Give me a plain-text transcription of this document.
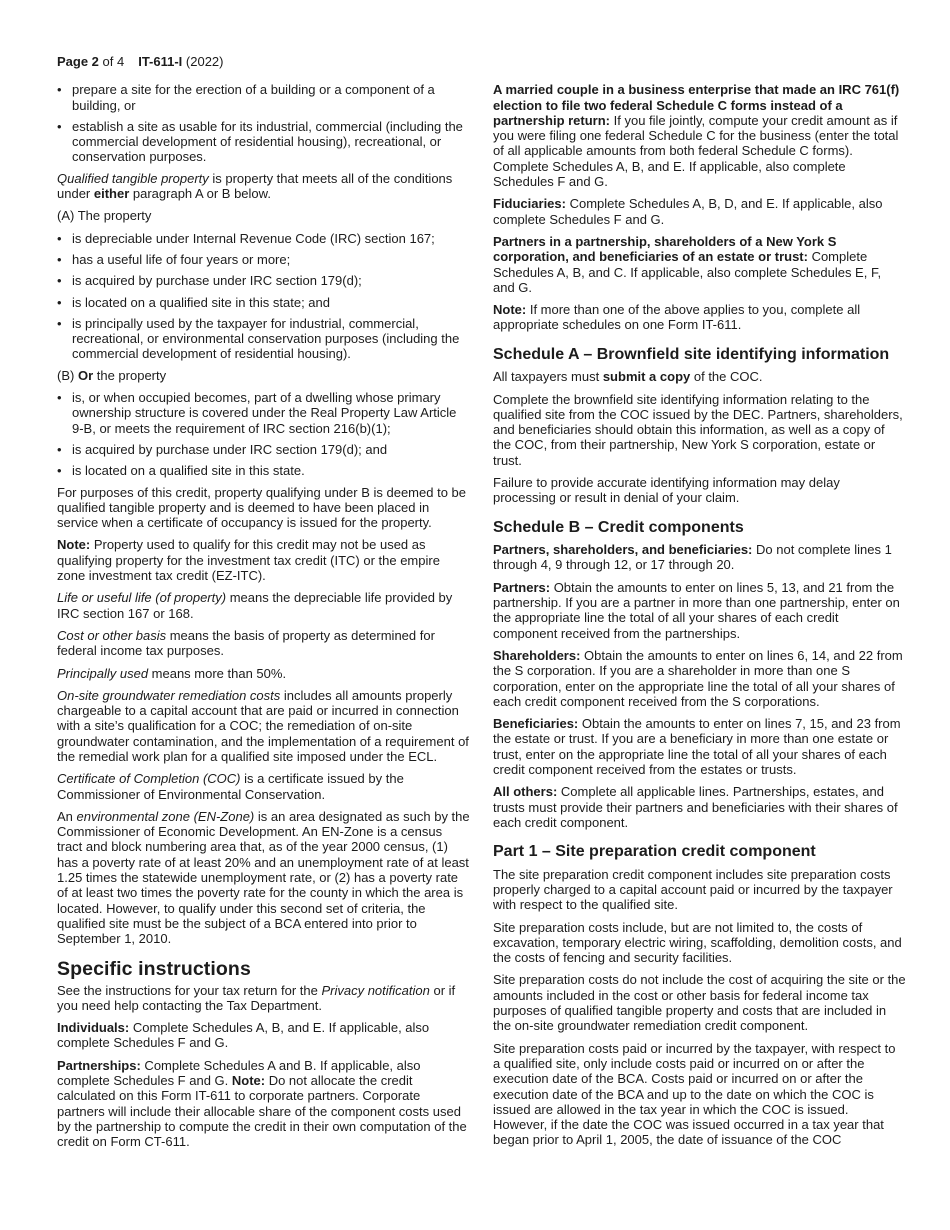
Page 2 of 4 IT-611-I (2022)
• prepare a site for the erection of a building or a component of a building, or
• establish a site as usable for its industrial, commercial (including the commercial development of residential housing), recreational, or conservation purposes.

Qualified tangible property is property that meets all of the conditions under either paragraph A or B below.

(A) The property

• is depreciable under Internal Revenue Code (IRC) section 167;
• has a useful life of four years or more;
• is acquired by purchase under IRC section 179(d);
• is located on a qualified site in this state; and
• is principally used by the taxpayer for industrial, commercial, recreational, or environmental conservation purposes (including the commercial development of residential housing).

(B) Or the property

• is, or when occupied becomes, part of a dwelling whose primary ownership structure is covered under the Real Property Law Article 9-B, or meets the requirement of IRC section 216(b)(1);
• is acquired by purchase under IRC section 179(d); and
• is located on a qualified site in this state.

For purposes of this credit, property qualifying under B is deemed to be qualified tangible property and is deemed to have been placed in service when a certificate of occupancy is issued for the property.

Note: Property used to qualify for this credit may not be used as qualifying property for the investment tax credit (ITC) or the empire zone investment tax credit (EZ-ITC).

Life or useful life (of property) means the depreciable life provided by IRC section 167 or 168.

Cost or other basis means the basis of property as determined for federal income tax purposes.

Principally used means more than 50%.

On-site groundwater remediation costs includes all amounts properly chargeable to a capital account that are paid or incurred in connection with a site’s qualification for a COC; the remediation of on-site groundwater contamination, and the implementation of a requirement of the remedial work plan for a qualified site imposed under the ECL.

Certificate of Completion (COC) is a certificate issued by the Commissioner of Environmental Conservation.

An environmental zone (EN-Zone) is an area designated as such by the Commissioner of Economic Development. An EN-Zone is a census tract and block numbering area that, as of the year 2000 census, (1) has a poverty rate of at least 20% and an unemployment rate of at least 1.25 times the statewide unemployment rate, or (2) has a poverty rate of at least two times the poverty rate for the county in which the area is located. However, to qualify under this second set of criteria, the qualified site must be the subject of a BCA entered into prior to September 1, 2010.

Specific instructions

See the instructions for your tax return for the Privacy notification or if you need help contacting the Tax Department.

Individuals: Complete Schedules A, B, and E. If applicable, also complete Schedules F and G.

Partnerships: Complete Schedules A and B. If applicable, also complete Schedules F and G. Note: Do not allocate the credit calculated on this Form IT-611 to corporate partners. Corporate partners will include their allocable share of the component costs used by the partnership to compute the credit in their own computation of the credit on Form CT-611.

A married couple in a business enterprise that made an IRC 761(f) election to file two federal Schedule C forms instead of a partnership return: If you file jointly, compute your credit amount as if you were filing one federal Schedule C for the business (enter the total of all applicable amounts from both federal Schedule C forms). Complete Schedules A, B, and E. If applicable, also complete Schedules F and G.

Fiduciaries: Complete Schedules A, B, D, and E. If applicable, also complete Schedules F and G.

Partners in a partnership, shareholders of a New York S corporation, and beneficiaries of an estate or trust: Complete Schedules A, B, and C. If applicable, also complete Schedules E, F, and G.

Note: If more than one of the above applies to you, complete all appropriate schedules on one Form IT-611.

Schedule A – Brownfield site identifying information

All taxpayers must submit a copy of the COC.

Complete the brownfield site identifying information relating to the qualified site from the COC issued by the DEC. Partners, shareholders, and beneficiaries should obtain this information, as well as a copy of the COC, from their partnership, New York S corporation, estate or trust.

Failure to provide accurate identifying information may delay processing or result in denial of your claim.

Schedule B – Credit components

Partners, shareholders, and beneficiaries: Do not complete lines 1 through 4, 9 through 12, or 17 through 20.

Partners: Obtain the amounts to enter on lines 5, 13, and 21 from the partnership. If you are a partner in more than one partnership, enter on the appropriate line the total of all your shares of each credit component received from the partnerships.

Shareholders: Obtain the amounts to enter on lines 6, 14, and 22 from the S corporation. If you are a shareholder in more than one S corporation, enter on the appropriate line the total of all your shares of each credit component received from the S corporations.

Beneficiaries: Obtain the amounts to enter on lines 7, 15, and 23 from the estate or trust. If you are a beneficiary in more than one estate or trust, enter on the appropriate line the total of all your shares of each credit component received from the estates or trusts.

All others: Complete all applicable lines. Partnerships, estates, and trusts must provide their partners and beneficiaries with their shares of each credit component.

Part 1 – Site preparation credit component

The site preparation credit component includes site preparation costs properly charged to a capital account paid or incurred by the taxpayer with respect to the qualified site.

Site preparation costs include, but are not limited to, the costs of excavation, temporary electric wiring, scaffolding, demolition costs, and the costs of fencing and security facilities.

Site preparation costs do not include the cost of acquiring the site or the amounts included in the cost or other basis for federal income tax purposes of qualified tangible property and costs that are included in the on-site groundwater remediation credit component.

Site preparation costs paid or incurred by the taxpayer, with respect to a qualified site, only include costs paid or incurred on or after the execution date of the BCA. Costs paid or incurred on or after the execution date of the BCA and up to the date on which the COC is issued are allowed in the tax year in which the COC is issued. However, if the date the COC was issued occurred in a tax year that began prior to April 1, 2005, the date of issuance of the COC
